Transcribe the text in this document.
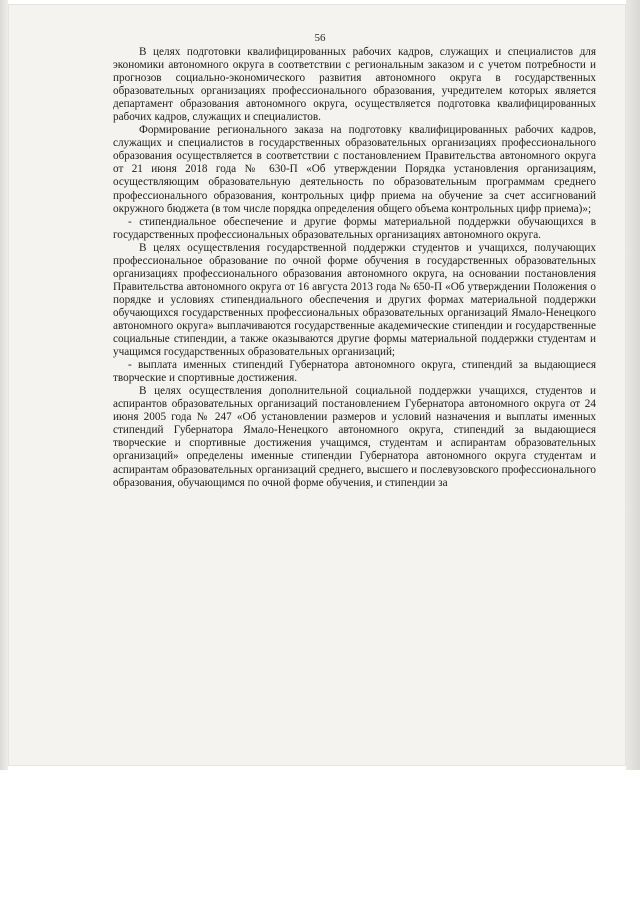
56

В целях подготовки квалифицированных рабочих кадров, служащих и специалистов для экономики автономного округа в соответствии с региональным заказом и с учетом потребности и прогнозов социально-экономического развития автономного округа в государственных образовательных организациях профессионального образования, учредителем которых является департамент образования автономного округа, осуществляется подготовка квалифицированных рабочих кадров, служащих и специалистов.

Формирование регионального заказа на подготовку квалифицированных рабочих кадров, служащих и специалистов в государственных образовательных организациях профессионального образования осуществляется в соответствии с постановлением Правительства автономного округа от 21 июня 2018 года № 630-П «Об утверждении Порядка установления организациям, осуществляющим образовательную деятельность по образовательным программам среднего профессионального образования, контрольных цифр приема на обучение за счет ассигнований окружного бюджета (в том числе порядка определения общего объема контрольных цифр приема)»;

- стипендиальное обеспечение и другие формы материальной поддержки обучающихся в государственных профессиональных образовательных организациях автономного округа.

В целях осуществления государственной поддержки студентов и учащихся, получающих профессиональное образование по очной форме обучения в государственных образовательных организациях профессионального образования автономного округа, на основании постановления Правительства автономного округа от 16 августа 2013 года № 650-П «Об утверждении Положения о порядке и условиях стипендиального обеспечения и других формах материальной поддержки обучающихся государственных профессиональных образовательных организаций Ямало-Ненецкого автономного округа» выплачиваются государственные академические стипендии и государственные социальные стипендии, а также оказываются другие формы материальной поддержки студентам и учащимся государственных образовательных организаций;

- выплата именных стипендий Губернатора автономного округа, стипендий за выдающиеся творческие и спортивные достижения.

В целях осуществления дополнительной социальной поддержки учащихся, студентов и аспирантов образовательных организаций постановлением Губернатора автономного округа от 24 июня 2005 года № 247 «Об установлении размеров и условий назначения и выплаты именных стипендий Губернатора Ямало-Ненецкого автономного округа, стипендий за выдающиеся творческие и спортивные достижения учащимся, студентам и аспирантам образовательных организаций» определены именные стипендии Губернатора автономного округа студентам и аспирантам образовательных организаций среднего, высшего и послевузовского профессионального образования, обучающимся по очной форме обучения, и стипендии за
